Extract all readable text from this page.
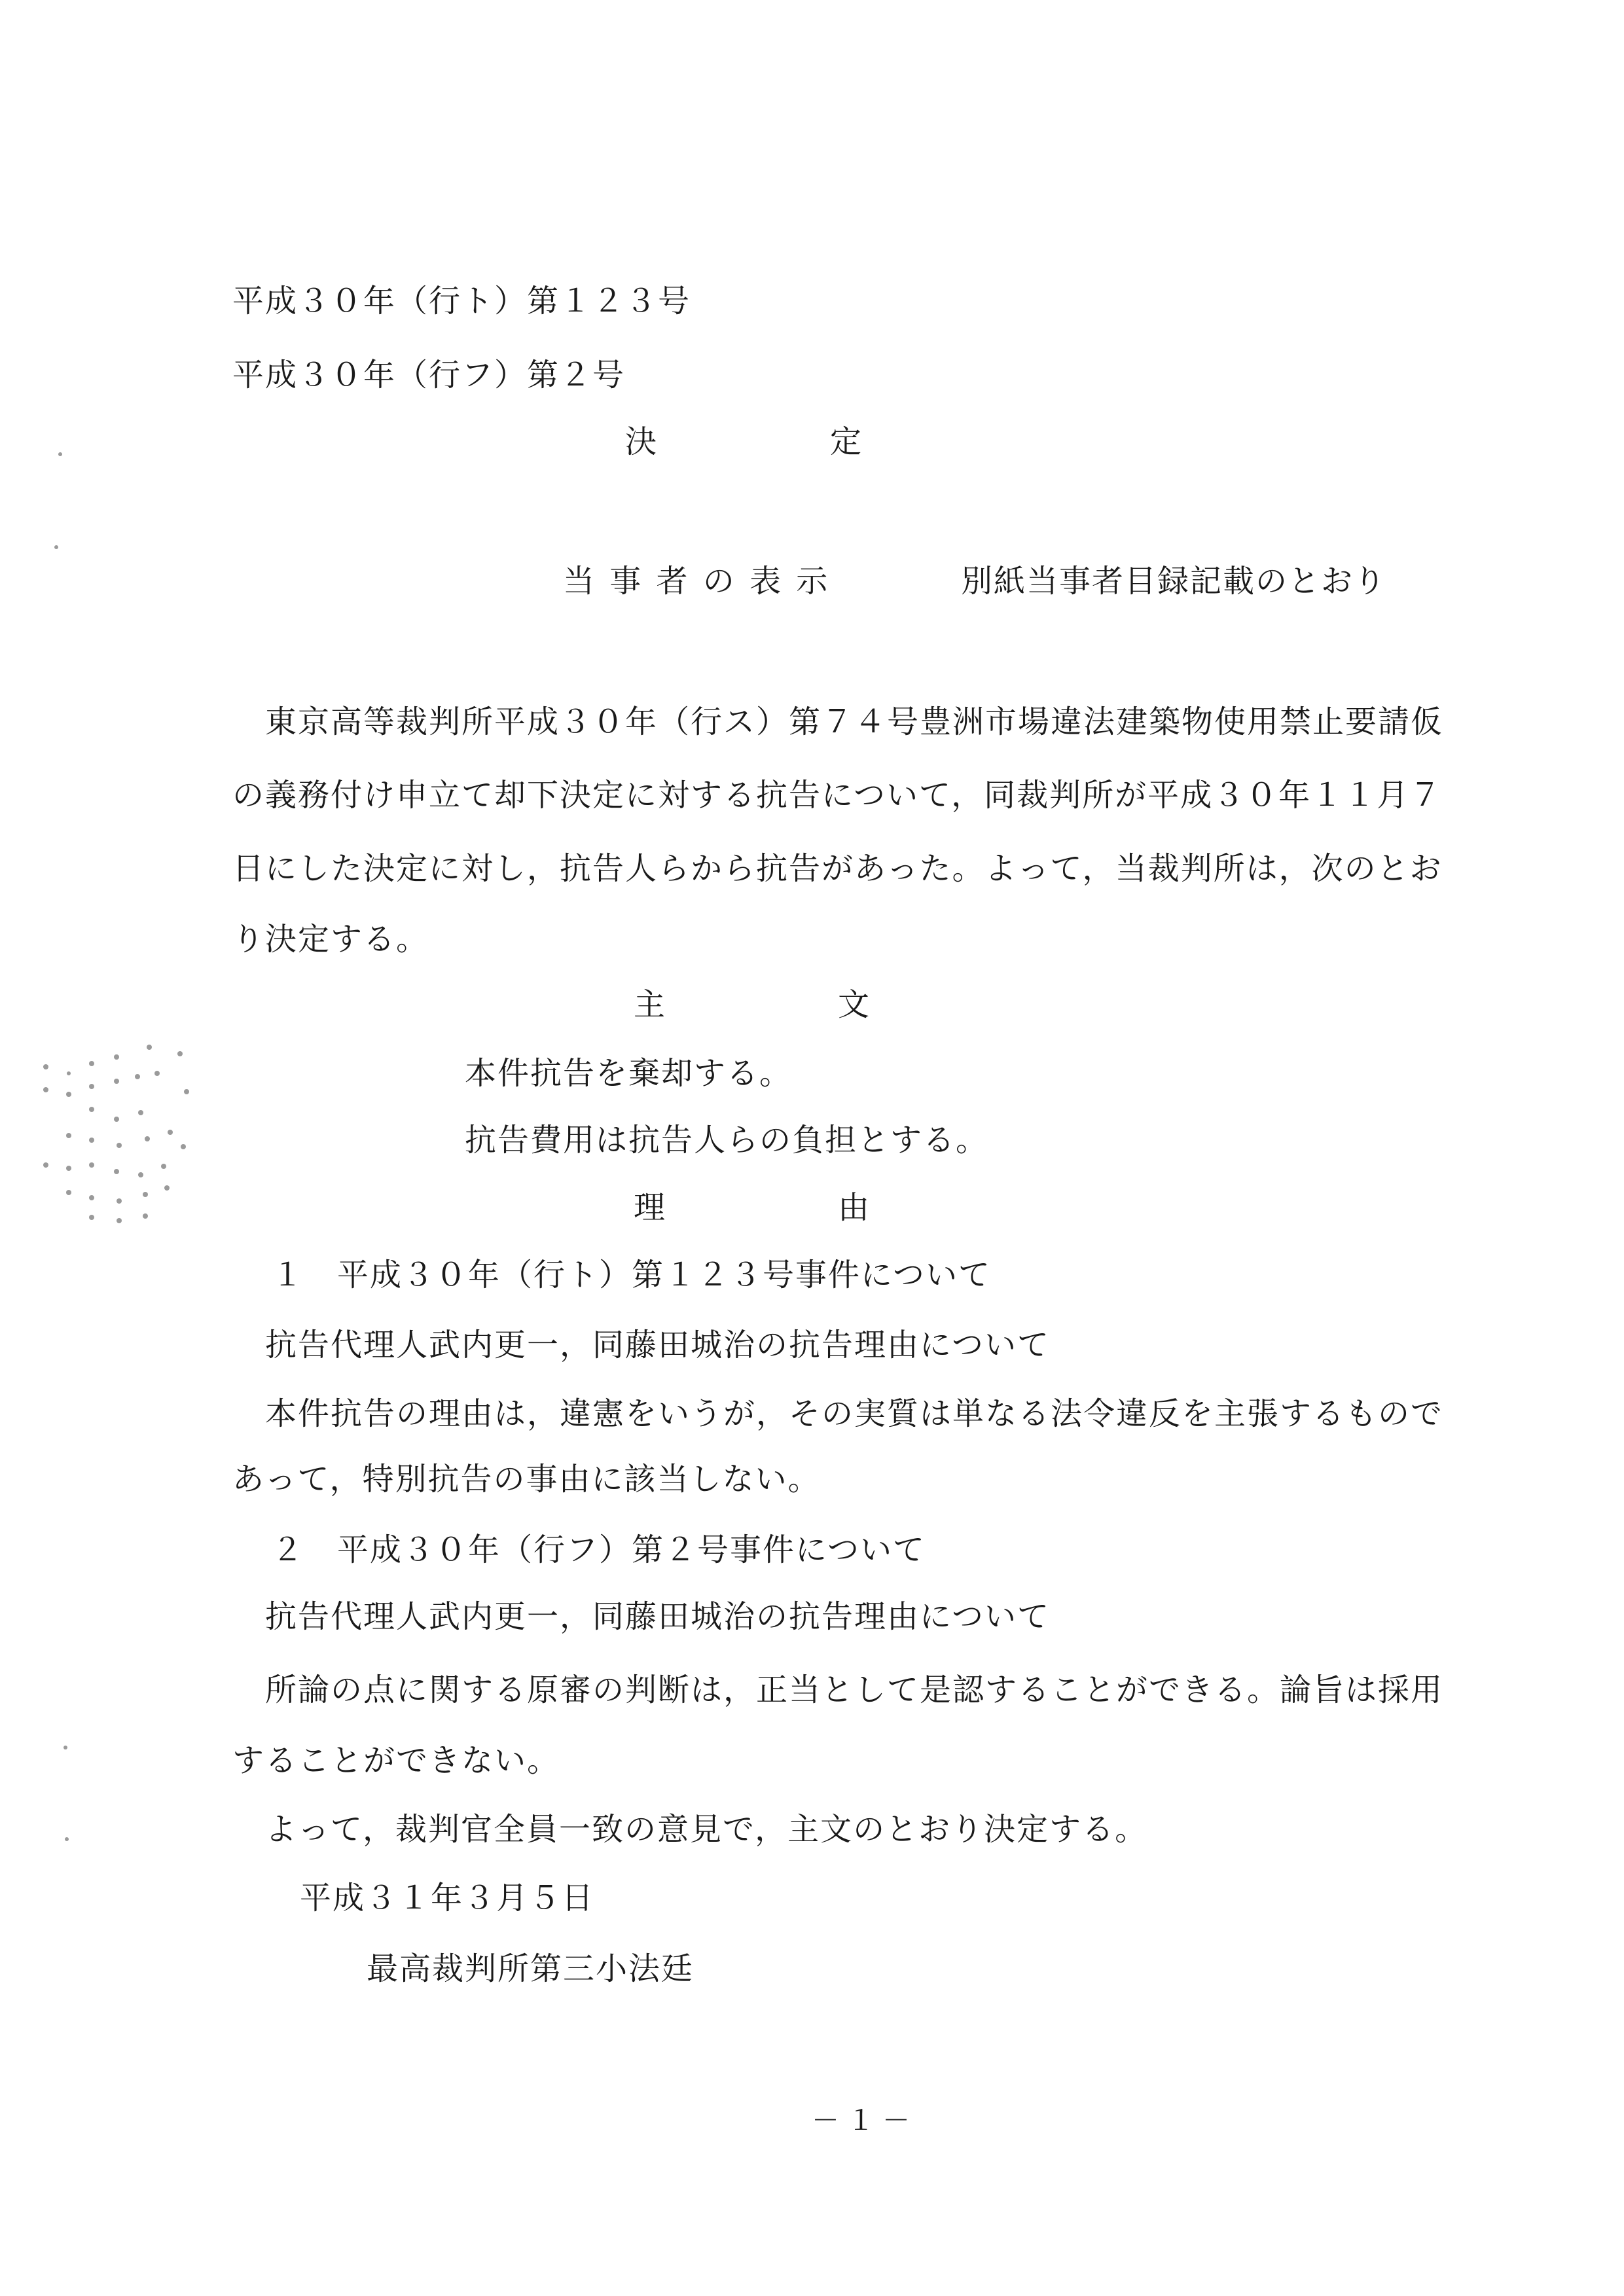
平成３０年（行ト）第１２３号
平成３０年（行フ）第２号
決	定
当 事 者 の 表 示	別紙当事者目録記載のとおり
東京高等裁判所平成３０年（行ス）第７４号豊洲市場違法建築物使用禁止要請仮
の義務付け申立て却下決定に対する抗告について，同裁判所が平成３０年１１月７
日にした決定に対し，抗告人らから抗告があった。よって，当裁判所は，次のとお
り決定する。
主	文
本件抗告を棄却する。
抗告費用は抗告人らの負担とする。
理	由
１　平成３０年（行ト）第１２３号事件について
抗告代理人武内更一，同藤田城治の抗告理由について
本件抗告の理由は，違憲をいうが，その実質は単なる法令違反を主張するもので
あって，特別抗告の事由に該当しない。
２　平成３０年（行フ）第２号事件について
抗告代理人武内更一，同藤田城治の抗告理由について
所論の点に関する原審の判断は，正当として是認することができる。論旨は採用
することができない。
よって，裁判官全員一致の意見で，主文のとおり決定する。
平成３１年３月５日
最高裁判所第三小法廷
－１－
